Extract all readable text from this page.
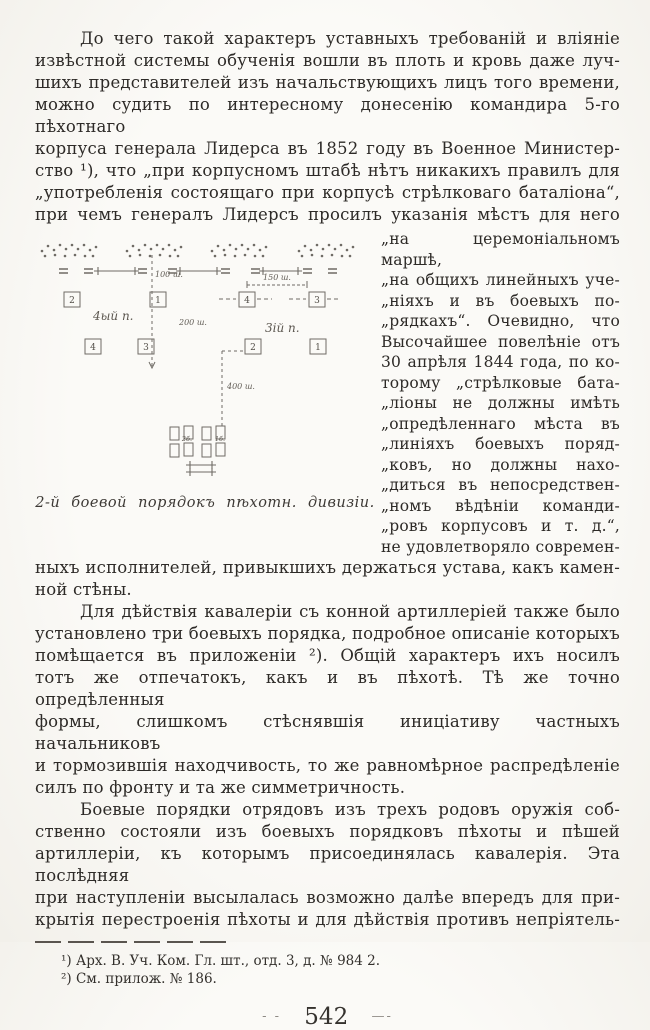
До чего такой характеръ уставныхъ требованій и вліяніе
извѣстной системы обученія вошли въ плоть и кровь даже луч-
шихъ представителей изъ начальствующихъ лицъ того времени,
можно судить по интересному донесенію командира 5-го пѣхотнаго
корпуса генерала Лидерса въ 1852 году въ Военное Министер-
ство ¹), что „при корпусномъ штабѣ нѣтъ никакихъ правилъ для
„употребленія состоящаго при корпусѣ стрѣлковаго баталіона“,
при чемъ генералъ Лидерсъ просилъ указанія мѣстъ для него
2	1	4	3
4	3	2	1
100 ш.
200 ш.
400 ш.
150 ш.
4ый п.
3ій п.
2б.	1б.
2-й боевой порядокъ пѣхотн. дивизіи.
„на церемоніальномъ маршѣ,
„на общихъ линейныхъ уче-
„ніяхъ и въ боевыхъ по-
„рядкахъ“. Очевидно, что
Высочайшее повелѣніе отъ
30 апрѣля 1844 года, по ко-
торому „стрѣлковые бата-
„ліоны не должны имѣть
„опредѣленнаго мѣста въ
„линіяхъ боевыхъ поряд-
„ковъ, но должны нахо-
„диться въ непосредствен-
„номъ вѣдѣніи команди-
„ровъ корпусовъ и т. д.“,
не удовлетворяло современ-
ныхъ исполнителей, привыкшихъ держаться устава, какъ камен-
ной стѣны.
Для дѣйствія кавалеріи съ конной артиллеріей также было
установлено три боевыхъ порядка, подробное описаніе которыхъ
помѣщается въ приложеніи ²). Общій характеръ ихъ носилъ
тотъ же отпечатокъ, какъ и въ пѣхотѣ. Тѣ же точно опредѣленныя
формы, слишкомъ стѣснявшія иниціативу частныхъ начальниковъ
и тормозившія находчивость, то же равномѣрное распредѣленіе
силъ по фронту и та же симметричность.
Боевые порядки отрядовъ изъ трехъ родовъ оружія соб-
ственно состояли изъ боевыхъ порядковъ пѣхоты и пѣшей
артиллеріи, къ которымъ присоединялась кавалерія. Эта послѣдняя
при наступленіи высылалась возможно далѣе впередъ для при-
крытія перестроенія пѣхоты и для дѣйствія противъ непріятель-
¹) Арх. В. Уч. Ком. Гл. шт., отд. 3, д. № 984 2.
²) См. прилож. № 186.
- - 542 —-
